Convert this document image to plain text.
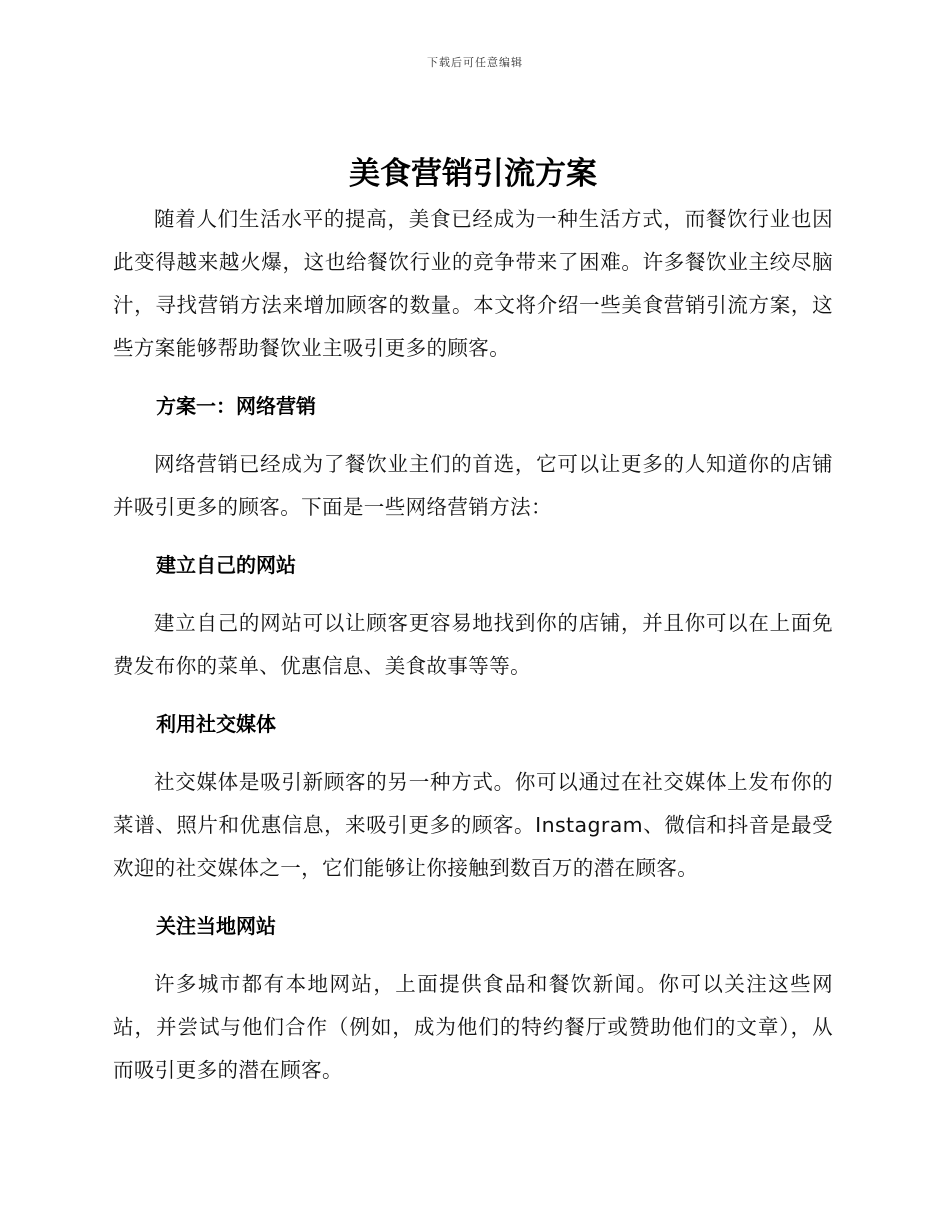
下载后可任意编辑
美食营销引流方案

随着人们生活水平的提高，美食已经成为一种生活方式，而餐饮行业也因此变得越来越火爆，这也给餐饮行业的竞争带来了困难。许多餐饮业主绞尽脑汁，寻找营销方法来增加顾客的数量。本文将介绍一些美食营销引流方案，这些方案能够帮助餐饮业主吸引更多的顾客。

方案一：网络营销

网络营销已经成为了餐饮业主们的首选，它可以让更多的人知道你的店铺并吸引更多的顾客。下面是一些网络营销方法：

建立自己的网站

建立自己的网站可以让顾客更容易地找到你的店铺，并且你可以在上面免费发布你的菜单、优惠信息、美食故事等等。

利用社交媒体

社交媒体是吸引新顾客的另一种方式。你可以通过在社交媒体上发布你的菜谱、照片和优惠信息，来吸引更多的顾客。Instagram、微信和抖音是最受欢迎的社交媒体之一，它们能够让你接触到数百万的潜在顾客。

关注当地网站

许多城市都有本地网站，上面提供食品和餐饮新闻。你可以关注这些网站，并尝试与他们合作（例如，成为他们的特约餐厅或赞助他们的文章），从而吸引更多的潜在顾客。
